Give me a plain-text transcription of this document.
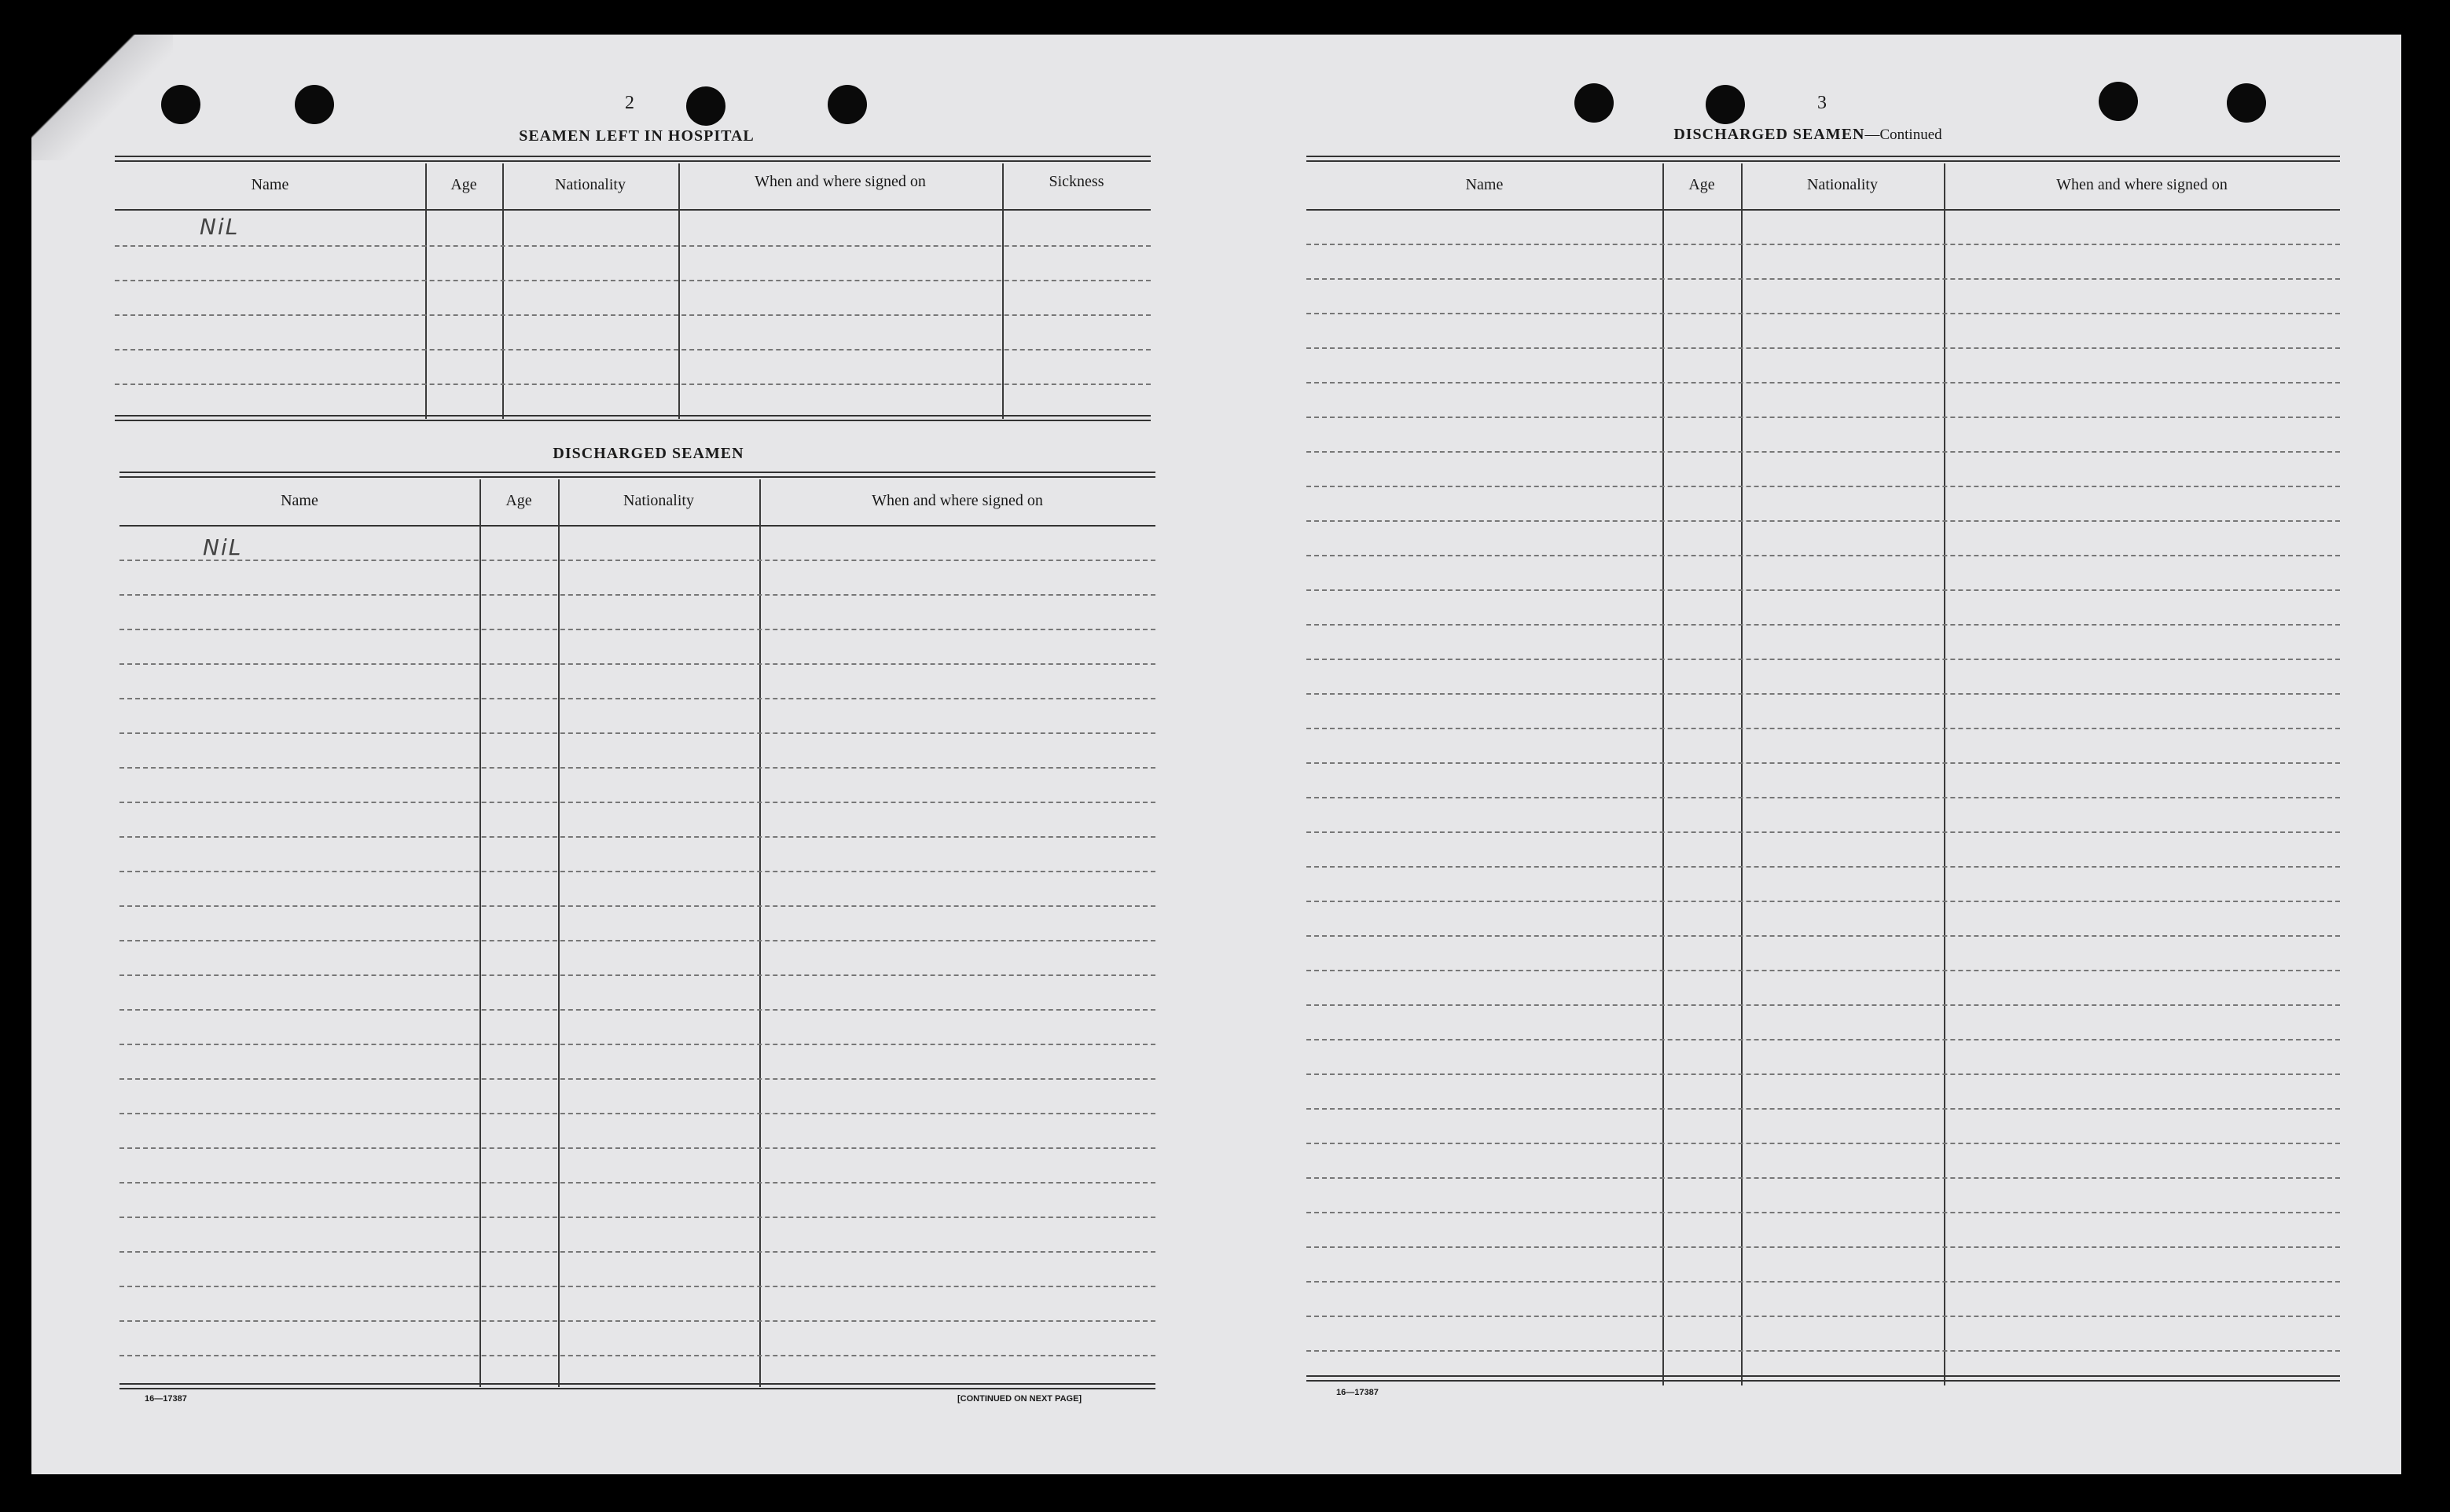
2
SEAMEN LEFT IN HOSPITAL
Name	Age	Nationality	When and where signed on	Sickness
NiL
DISCHARGED SEAMEN
Name	Age	Nationality	When and where signed on
NiL
16—17387	[CONTINUED ON NEXT PAGE]
3
DISCHARGED SEAMEN—Continued
Name	Age	Nationality	When and where signed on
16—17387
